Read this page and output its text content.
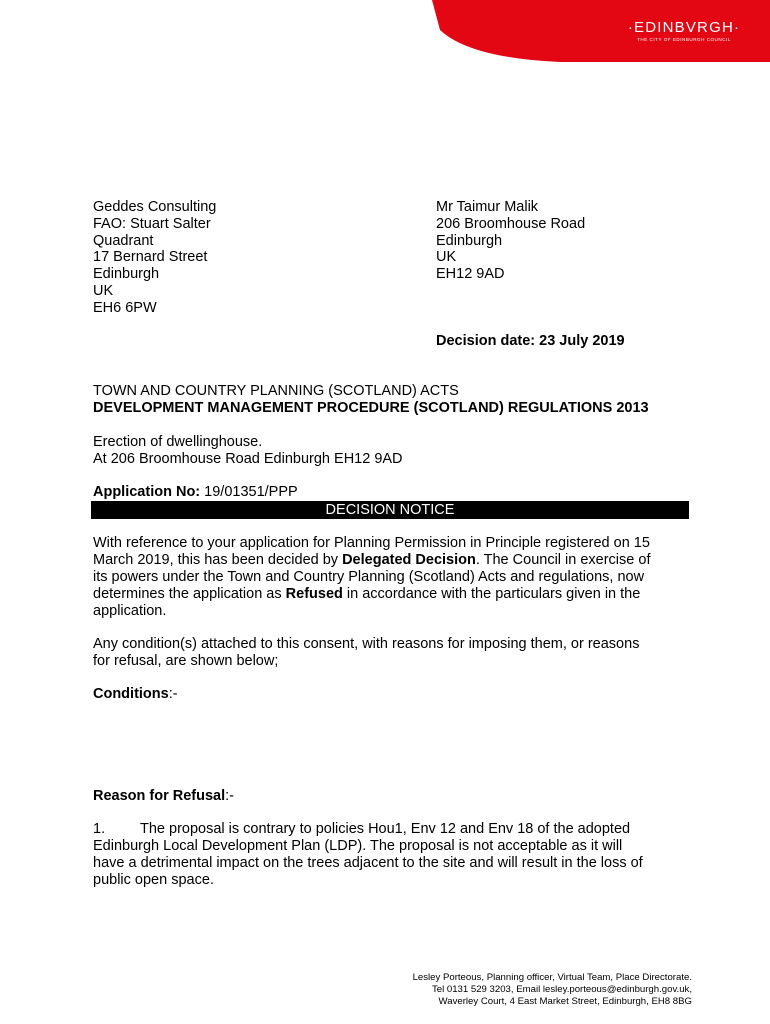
·EDINBVRGH·
THE CITY OF EDINBURGH COUNCIL
Geddes Consulting
FAO: Stuart Salter
Quadrant
17 Bernard Street
Edinburgh
UK
EH6 6PW
Mr Taimur Malik
206 Broomhouse Road
Edinburgh
UK
EH12 9AD
Decision date: 23 July 2019
TOWN AND COUNTRY PLANNING (SCOTLAND) ACTS
DEVELOPMENT MANAGEMENT PROCEDURE (SCOTLAND) REGULATIONS 2013
Erection of dwellinghouse.
At 206 Broomhouse Road Edinburgh EH12 9AD
Application No: 19/01351/PPP
DECISION NOTICE
With reference to your application for Planning Permission in Principle registered on 15
March 2019, this has been decided by Delegated Decision. The Council in exercise of
its powers under the Town and Country Planning (Scotland) Acts and regulations, now
determines the application as Refused in accordance with the particulars given in the
application.
Any condition(s) attached to this consent, with reasons for imposing them, or reasons
for refusal, are shown below;
Conditions:-
Reason for Refusal:-
1. The proposal is contrary to policies Hou1, Env 12 and Env 18 of the adopted
Edinburgh Local Development Plan (LDP). The proposal is not acceptable as it will
have a detrimental impact on the trees adjacent to the site and will result in the loss of
public open space.
Lesley Porteous, Planning officer, Virtual Team, Place Directorate.
Tel 0131 529 3203, Email lesley.porteous@edinburgh.gov.uk,
Waverley Court, 4 East Market Street, Edinburgh, EH8 8BG
